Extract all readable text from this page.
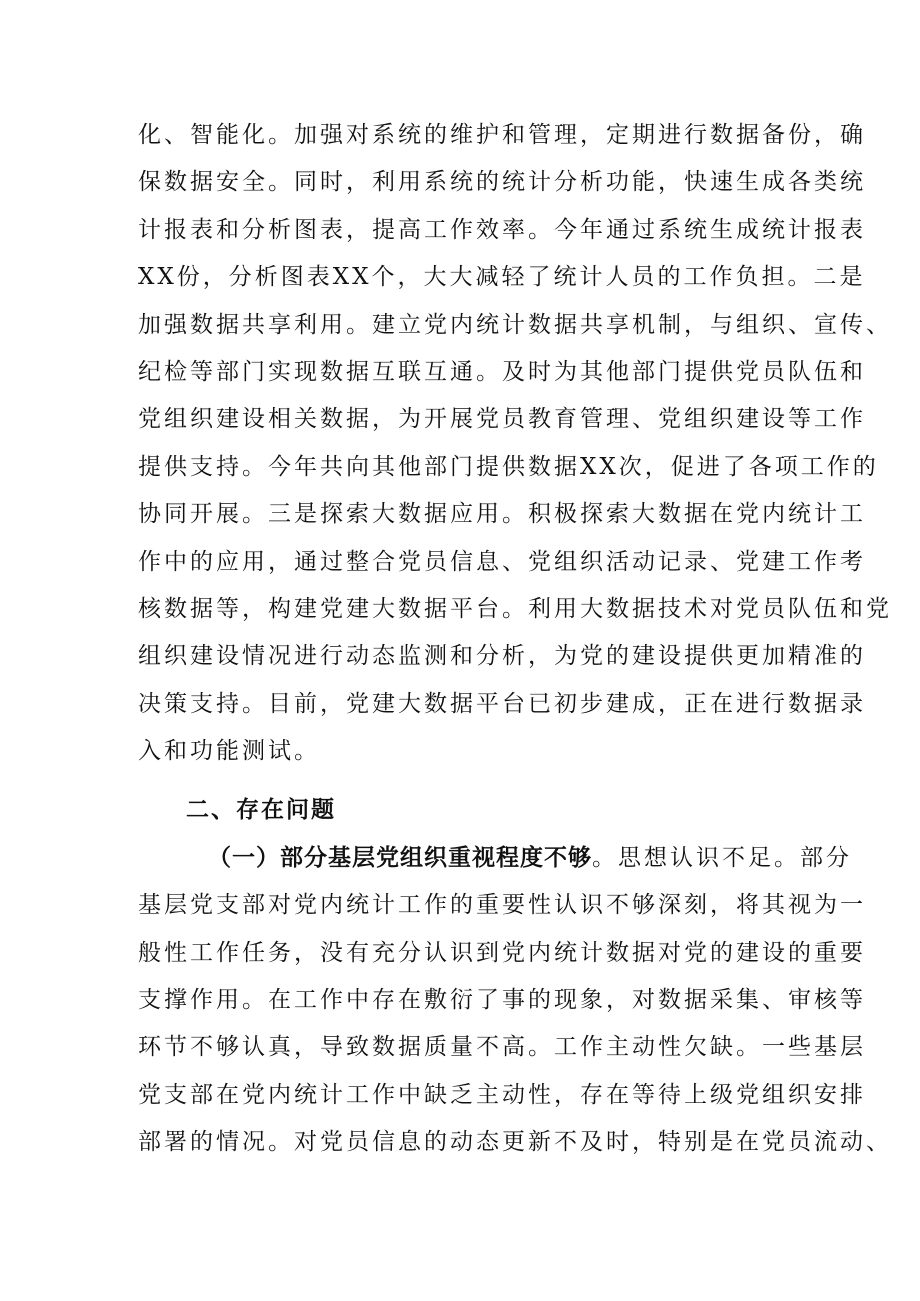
化、智能化。加强对系统的维护和管理，定期进行数据备份，确
保数据安全。同时，利用系统的统计分析功能，快速生成各类统
计报表和分析图表，提高工作效率。今年通过系统生成统计报表
XX份，分析图表XX个，大大减轻了统计人员的工作负担。二是
加强数据共享利用。建立党内统计数据共享机制，与组织、宣传、
纪检等部门实现数据互联互通。及时为其他部门提供党员队伍和
党组织建设相关数据，为开展党员教育管理、党组织建设等工作
提供支持。今年共向其他部门提供数据XX次，促进了各项工作的
协同开展。三是探索大数据应用。积极探索大数据在党内统计工
作中的应用，通过整合党员信息、党组织活动记录、党建工作考
核数据等，构建党建大数据平台。利用大数据技术对党员队伍和党
组织建设情况进行动态监测和分析，为党的建设提供更加精准的
决策支持。目前，党建大数据平台已初步建成，正在进行数据录
入和功能测试。
二、存在问题
（一）部分基层党组织重视程度不够。思想认识不足。部分
基层党支部对党内统计工作的重要性认识不够深刻，将其视为一
般性工作任务，没有充分认识到党内统计数据对党的建设的重要
支撑作用。在工作中存在敷衍了事的现象，对数据采集、审核等
环节不够认真，导致数据质量不高。工作主动性欠缺。一些基层
党支部在党内统计工作中缺乏主动性，存在等待上级党组织安排
部署的情况。对党员信息的动态更新不及时，特别是在党员流动、
